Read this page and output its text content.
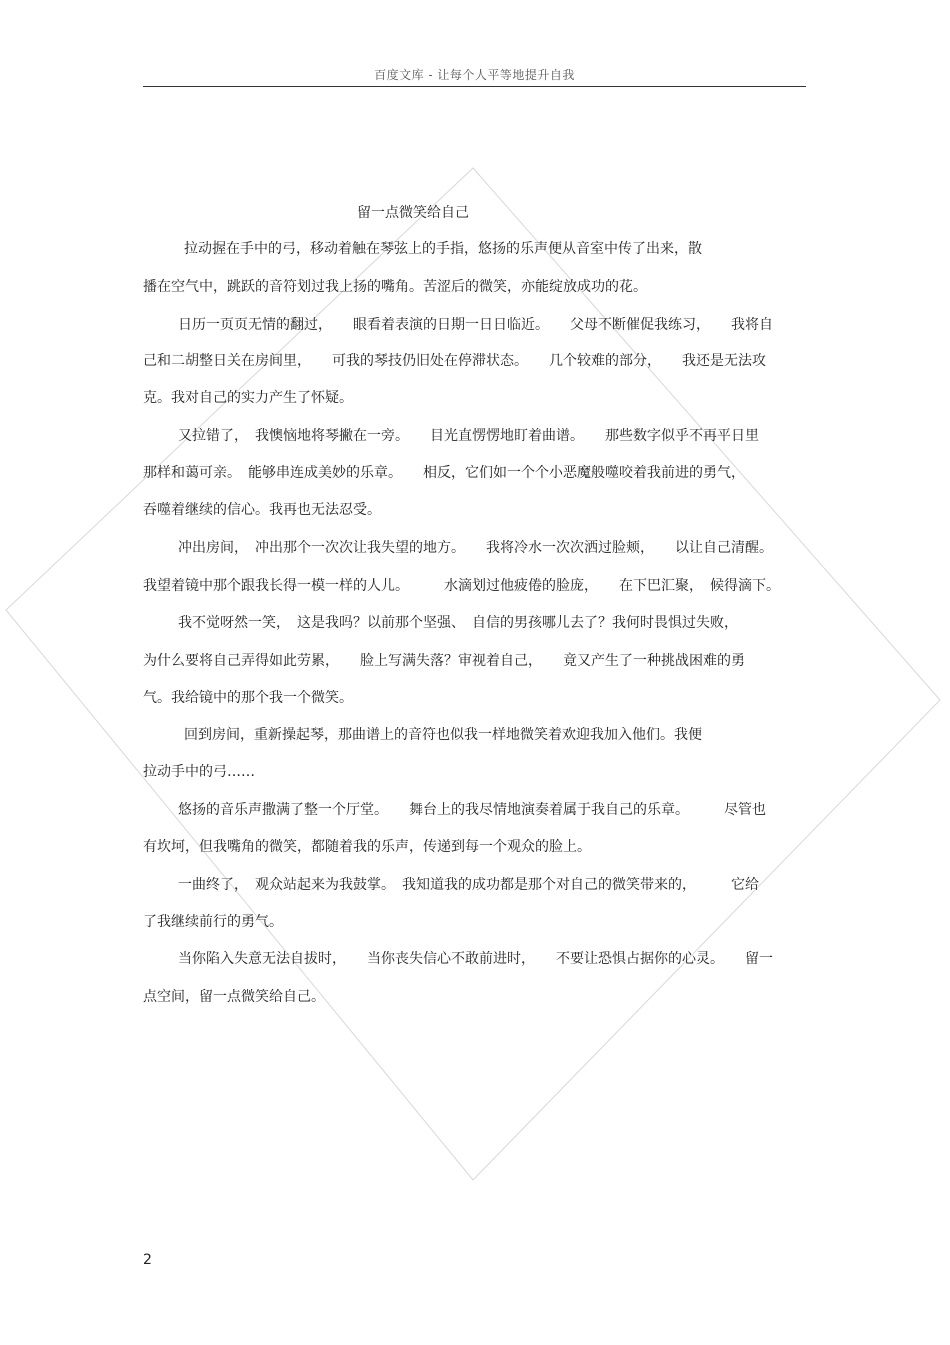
百度文库 - 让每个人平等地提升自我
留一点微笑给自己
拉动握在手中的弓，移动着触在琴弦上的手指，悠扬的乐声便从音室中传了出来，散
播在空气中，跳跃的音符划过我上扬的嘴角。苦涩后的微笑，亦能绽放成功的花。
日历一页页无情的翻过，　　眼看着表演的日期一日日临近。　　父母不断催促我练习，　　我将自
己和二胡整日关在房间里，　　可我的琴技仍旧处在停滞状态。　　几个较难的部分，　　我还是无法攻
克。我对自己的实力产生了怀疑。
又拉错了，　我懊恼地将琴撇在一旁。　　目光直愣愣地盯着曲谱。　　那些数字似乎不再平日里
那样和蔼可亲。　能够串连成美妙的乐章。　　相反，它们如一个个小恶魔般噬咬着我前进的勇气，
吞噬着继续的信心。我再也无法忍受。
冲出房间，　冲出那个一次次让我失望的地方。　　我将冷水一次次洒过脸颊，　　以让自己清醒。
我望着镜中那个跟我长得一模一样的人儿。　　　水滴划过他疲倦的脸庞，　　在下巴汇聚，　候得滴下。
我不觉呀然一笑，　这是我吗？以前那个坚强、　自信的男孩哪儿去了？我何时畏惧过失败，
为什么要将自己弄得如此劳累，　　脸上写满失落？审视着自己，　　竟又产生了一种挑战困难的勇
气。我给镜中的那个我一个微笑。
回到房间，重新操起琴，那曲谱上的音符也似我一样地微笑着欢迎我加入他们。我便
拉动手中的弓……
悠扬的音乐声撒满了整一个厅堂。　　舞台上的我尽情地演奏着属于我自己的乐章。　　　尽管也
有坎坷，但我嘴角的微笑，都随着我的乐声，传递到每一个观众的脸上。
一曲终了，　观众站起来为我鼓掌。　我知道我的成功都是那个对自己的微笑带来的，　　　它给
了我继续前行的勇气。
当你陷入失意无法自拔时，　　当你丧失信心不敢前进时，　　不要让恐惧占据你的心灵。　　留一
点空间，留一点微笑给自己。
2
